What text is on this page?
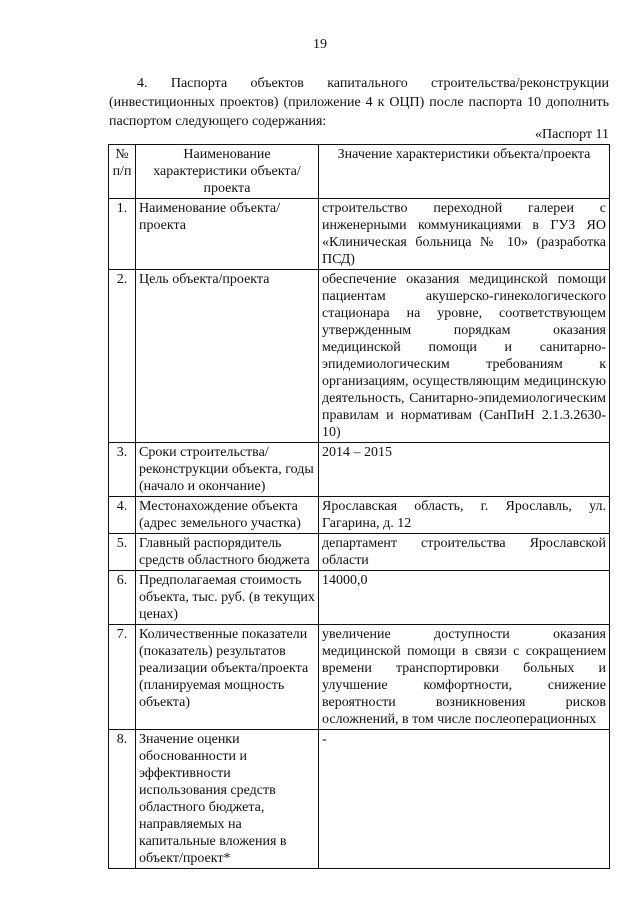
19

4. Паспорта объектов капитального строительства/реконструкции (инвестиционных проектов) (приложение 4 к ОЦП) после паспорта 10 дополнить паспортом следующего содержания:

«Паспорт 11
№ п/п	Наименование характеристики объекта/проекта	Значение характеристики объекта/проекта
1.	Наименование объекта/проекта	строительство переходной галереи с инженерными коммуникациями в ГУЗ ЯО «Клиническая больница № 10» (разработка ПСД)
2.	Цель объекта/проекта	обеспечение оказания медицинской помощи пациентам акушерско-гинекологического стационара на уровне, соответствующем утвержденным порядкам оказания медицинской помощи и санитарно-эпидемиологическим требованиям к организациям, осуществляющим медицинскую деятельность, Санитарно-эпидемиологическим правилам и нормативам (СанПиН 2.1.3.2630-10)
3.	Сроки строительства/реконструкции объекта, годы (начало и окончание)	2014 – 2015
4.	Местонахождение объекта (адрес земельного участка)	Ярославская область, г. Ярославль, ул. Гагарина, д. 12
5.	Главный распорядитель средств областного бюджета	департамент строительства Ярославской области
6.	Предполагаемая стоимость объекта, тыс. руб. (в текущих ценах)	14000,0
7.	Количественные показатели (показатель) результатов реализации объекта/проекта (планируемая мощность объекта)	увеличение доступности оказания медицинской помощи в связи с сокращением времени транспортировки больных и улучшение комфортности, снижение вероятности возникновения рисков осложнений, в том числе послеоперационных
8.	Значение оценки обоснованности и эффективности использования средств областного бюджета, направляемых на капитальные вложения в объект/проект*	-
